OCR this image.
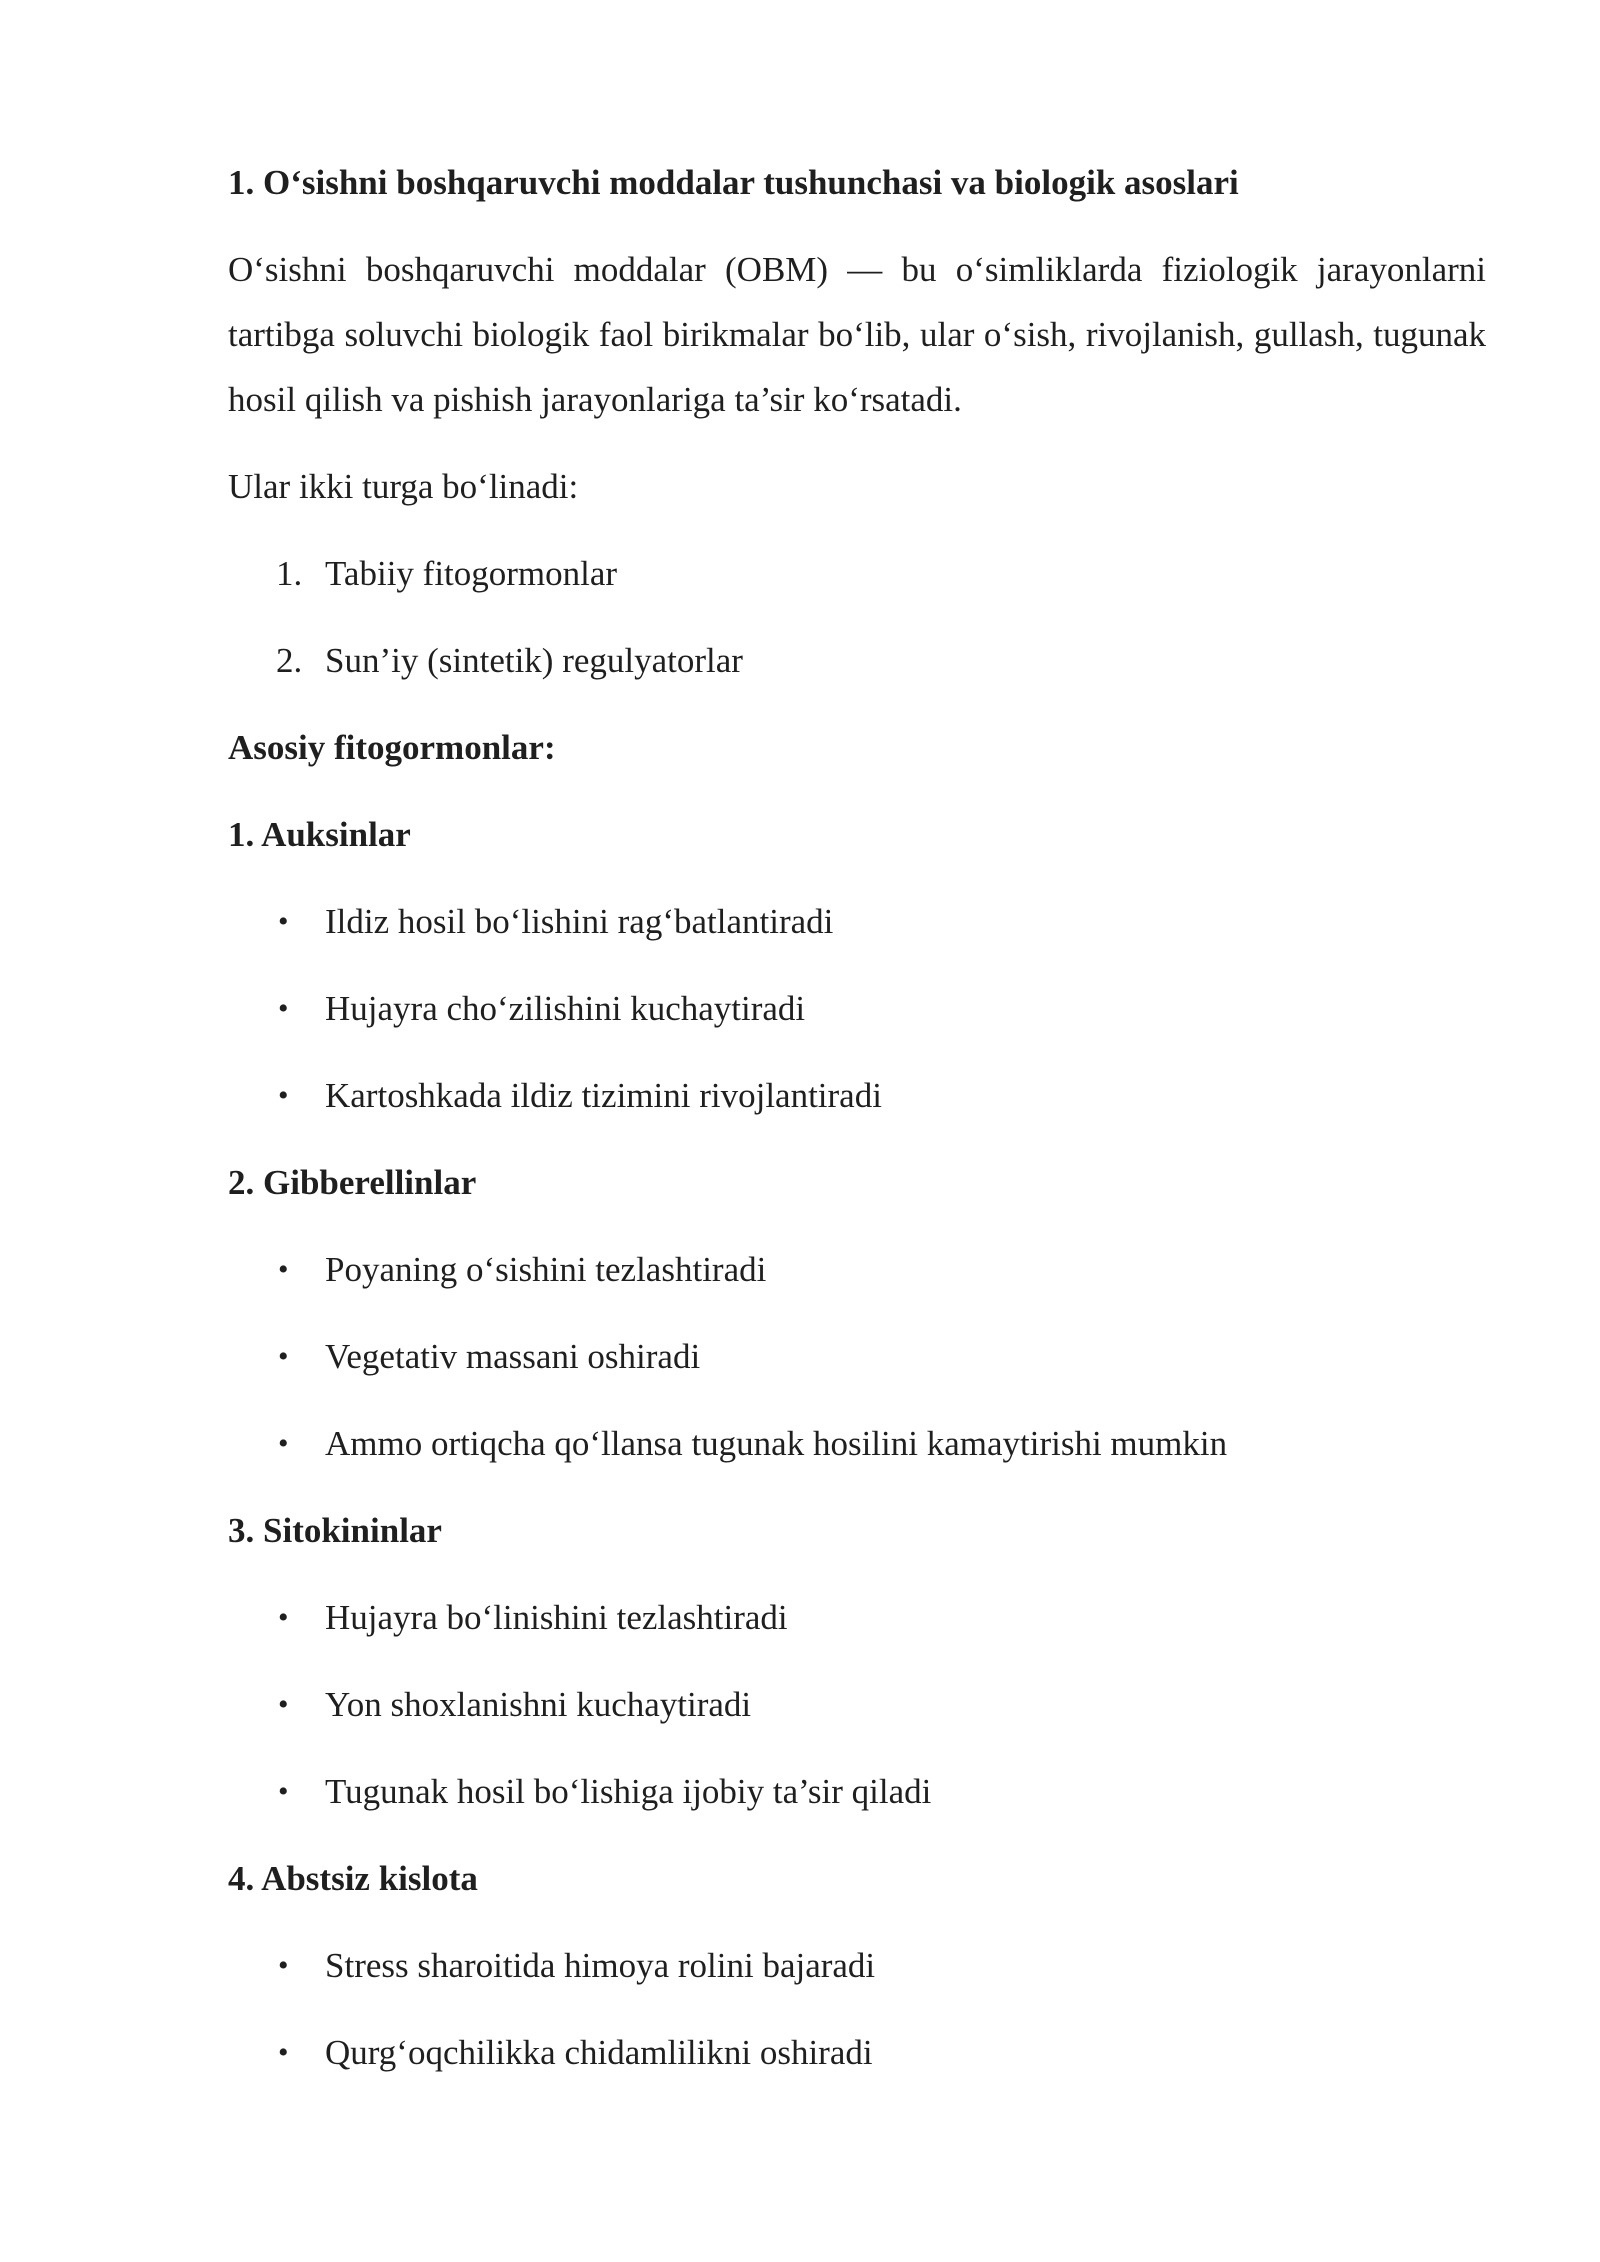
1. O‘sishni boshqaruvchi moddalar tushunchasi va biologik asoslari

O‘sishni boshqaruvchi moddalar (OBM) — bu o‘simliklarda fiziologik jarayonlarni tartibga soluvchi biologik faol birikmalar bo‘lib, ular o‘sish, rivojlanish, gullash, tugunak hosil qilish va pishish jarayonlariga ta’sir ko‘rsatadi.

Ular ikki turga bo‘linadi:

1. Tabiiy fitogormonlar
2. Sun’iy (sintetik) regulyatorlar

Asosiy fitogormonlar:

1. Auksinlar

• Ildiz hosil bo‘lishini rag‘batlantiradi
• Hujayra cho‘zilishini kuchaytiradi
• Kartoshkada ildiz tizimini rivojlantiradi

2. Gibberellinlar

• Poyaning o‘sishini tezlashtiradi
• Vegetativ massani oshiradi
• Ammo ortiqcha qo‘llansa tugunak hosilini kamaytirishi mumkin

3. Sitokininlar

• Hujayra bo‘linishini tezlashtiradi
• Yon shoxlanishni kuchaytiradi
• Tugunak hosil bo‘lishiga ijobiy ta’sir qiladi

4. Abstsiz kislota

• Stress sharoitida himoya rolini bajaradi
• Qurg‘oqchilikka chidamlilikni oshiradi
